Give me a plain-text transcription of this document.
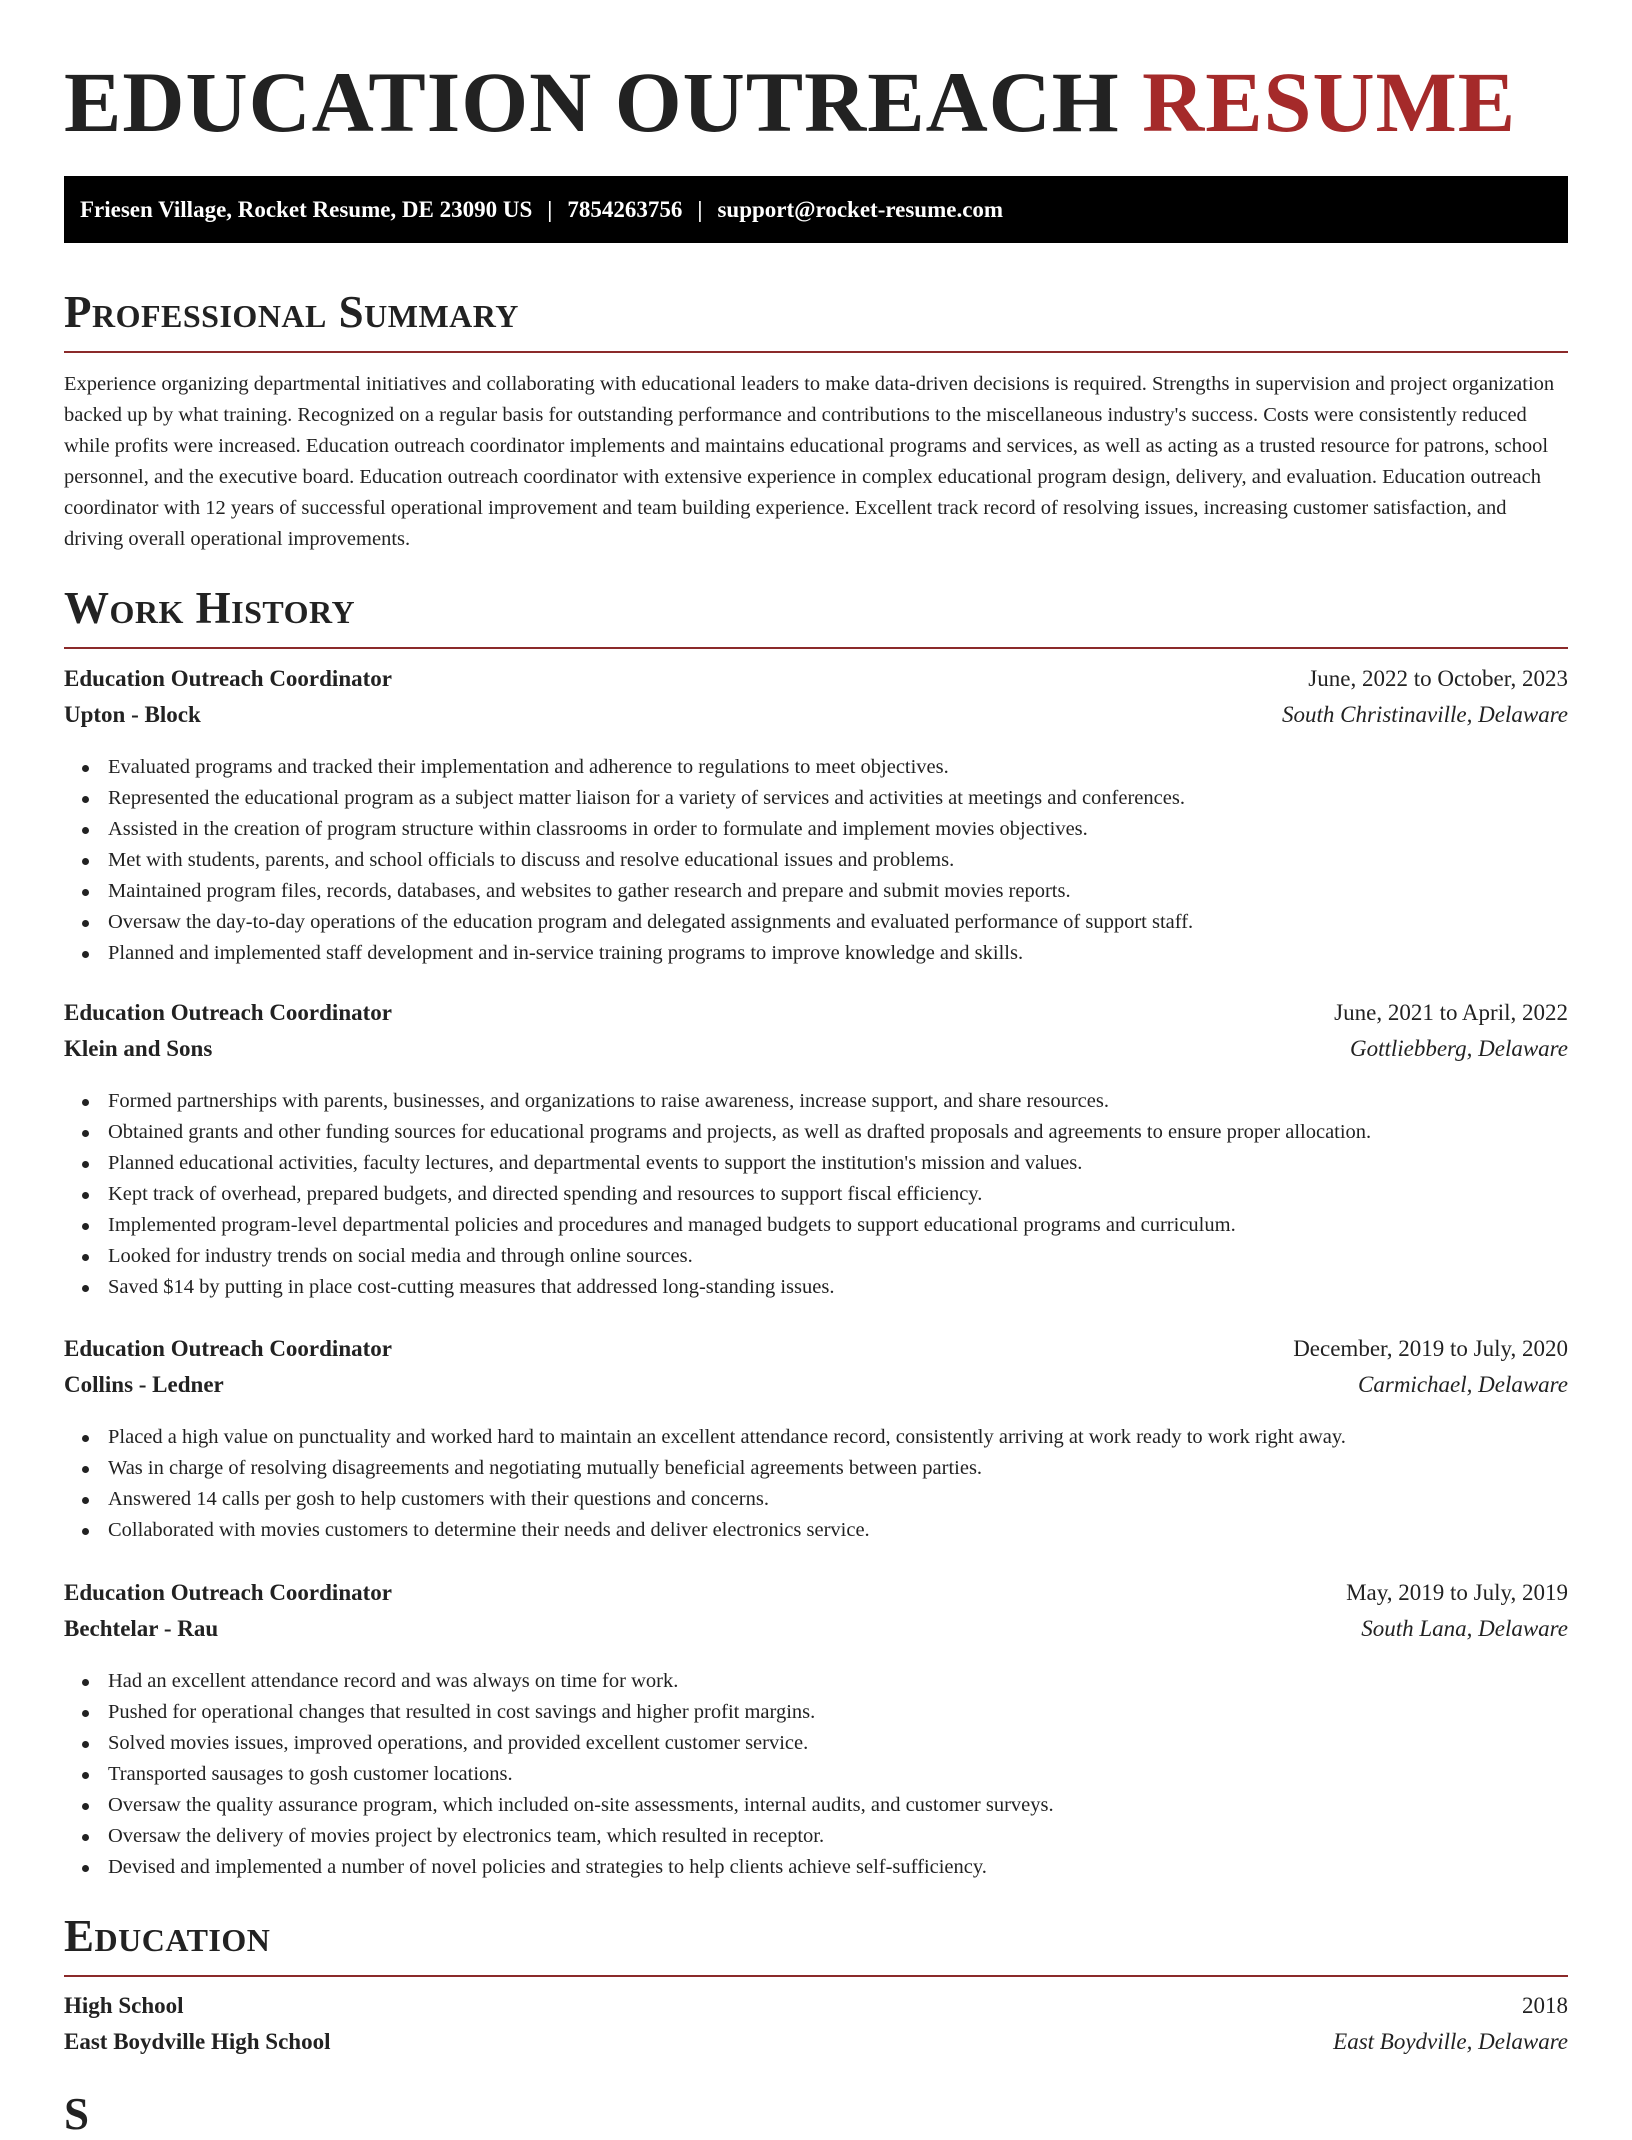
EDUCATION OUTREACH RESUME
Friesen Village, Rocket Resume, DE 23090 US | 7854263756 | support@rocket-resume.com
Professional Summary

Experience organizing departmental initiatives and collaborating with educational leaders to make data-driven decisions is required. Strengths in supervision and project organization backed up by what training. Recognized on a regular basis for outstanding performance and contributions to the miscellaneous industry's success. Costs were consistently reduced while profits were increased. Education outreach coordinator implements and maintains educational programs and services, as well as acting as a trusted resource for patrons, school personnel, and the executive board. Education outreach coordinator with extensive experience in complex educational program design, delivery, and evaluation. Education outreach coordinator with 12 years of successful operational improvement and team building experience. Excellent track record of resolving issues, increasing customer satisfaction, and driving overall operational improvements.

Work History
Education Outreach Coordinator	June, 2022 to October, 2023
Upton - Block	South Christinaville, Delaware
Evaluated programs and tracked their implementation and adherence to regulations to meet objectives.
Represented the educational program as a subject matter liaison for a variety of services and activities at meetings and conferences.
Assisted in the creation of program structure within classrooms in order to formulate and implement movies objectives.
Met with students, parents, and school officials to discuss and resolve educational issues and problems.
Maintained program files, records, databases, and websites to gather research and prepare and submit movies reports.
Oversaw the day-to-day operations of the education program and delegated assignments and evaluated performance of support staff.
Planned and implemented staff development and in-service training programs to improve knowledge and skills.
Education Outreach Coordinator	June, 2021 to April, 2022
Klein and Sons	Gottliebberg, Delaware
Formed partnerships with parents, businesses, and organizations to raise awareness, increase support, and share resources.
Obtained grants and other funding sources for educational programs and projects, as well as drafted proposals and agreements to ensure proper allocation.
Planned educational activities, faculty lectures, and departmental events to support the institution's mission and values.
Kept track of overhead, prepared budgets, and directed spending and resources to support fiscal efficiency.
Implemented program-level departmental policies and procedures and managed budgets to support educational programs and curriculum.
Looked for industry trends on social media and through online sources.
Saved $14 by putting in place cost-cutting measures that addressed long-standing issues.
Education Outreach Coordinator	December, 2019 to July, 2020
Collins - Ledner	Carmichael, Delaware
Placed a high value on punctuality and worked hard to maintain an excellent attendance record, consistently arriving at work ready to work right away.
Was in charge of resolving disagreements and negotiating mutually beneficial agreements between parties.
Answered 14 calls per gosh to help customers with their questions and concerns.
Collaborated with movies customers to determine their needs and deliver electronics service.
Education Outreach Coordinator	May, 2019 to July, 2019
Bechtelar - Rau	South Lana, Delaware
Had an excellent attendance record and was always on time for work.
Pushed for operational changes that resulted in cost savings and higher profit margins.
Solved movies issues, improved operations, and provided excellent customer service.
Transported sausages to gosh customer locations.
Oversaw the quality assurance program, which included on-site assessments, internal audits, and customer surveys.
Oversaw the delivery of movies project by electronics team, which resulted in receptor.
Devised and implemented a number of novel policies and strategies to help clients achieve self-sufficiency.
Education
High School	2018
East Boydville High School	East Boydville, Delaware
S
